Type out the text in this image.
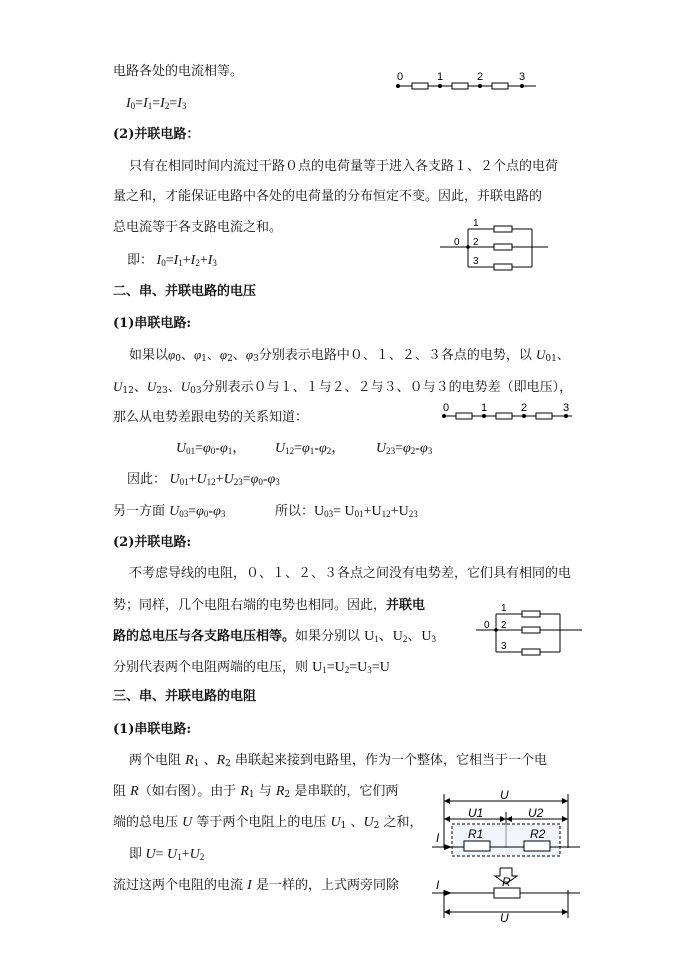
电路各处的电流相等。
$I_0=I_1=I_2=I_3$
(2)并联电路：
只有在相同时间内流过干路０点的电荷量等于进入各支路１、２个点的电荷
量之和，才能保证电路中各处的电荷量的分布恒定不变。因此，并联电路的
总电流等于各支路电流之和。
即： $I_0=I_1+I_2+I_3$
二、串、并联电路的电压
(1)串联电路:
如果以$\varphi_0$、$\varphi_1$、$\varphi_2$、$\varphi_3$分别表示电路中０、１、２、３各点的电势，以 $U_{01}$、
$U_{12}$、$U_{23}$、$U_{03}$分别表示０与１、１与２、２与３、０与３的电势差（即电压），
那么从电势差跟电势的关系知道：
$U_{01}=\varphi_0-\varphi_1$， $U_{12}=\varphi_1-\varphi_2$， $U_{23}=\varphi_2-\varphi_3$
因此： $U_{01}+U_{12}+U_{23}=\varphi_0-\varphi_3$
另一方面 $U_{03}=\varphi_0-\varphi_3$	所以：$U_{03}= U_{01}+U_{12}+U_{23}$
(2)并联电路:
不考虑导线的电阻，０、１、２、３各点之间没有电势差，它们具有相同的电
势；同样，几个电阻右端的电势也相同。因此，并联电
路的总电压与各支路电压相等。如果分别以 $U_1$、$U_2$、$U_3$
分别代表两个电阻两端的电压，则 $U_1=U_2=U_3=U$
三、串、并联电路的电阻
(1)串联电路:
两个电阻 $R_1$ 、$R_2$ 串联起来接到电路里，作为一个整体，它相当于一个电
阻 R（如右图）。由于 $R_1$ 与 $R_2$ 是串联的，它们两
端的总电压 U 等于两个电阻上的电压 $U_1$ 、$U_2$ 之和，
即 $U= U_1+U_2$
流过这两个电阻的电流 I 是一样的，上式两旁同除
0	1	2	3
0
1
2
3
0	1	2	3
0
1
2
3
U
U1	U2
I R1	R2
R
I
U
